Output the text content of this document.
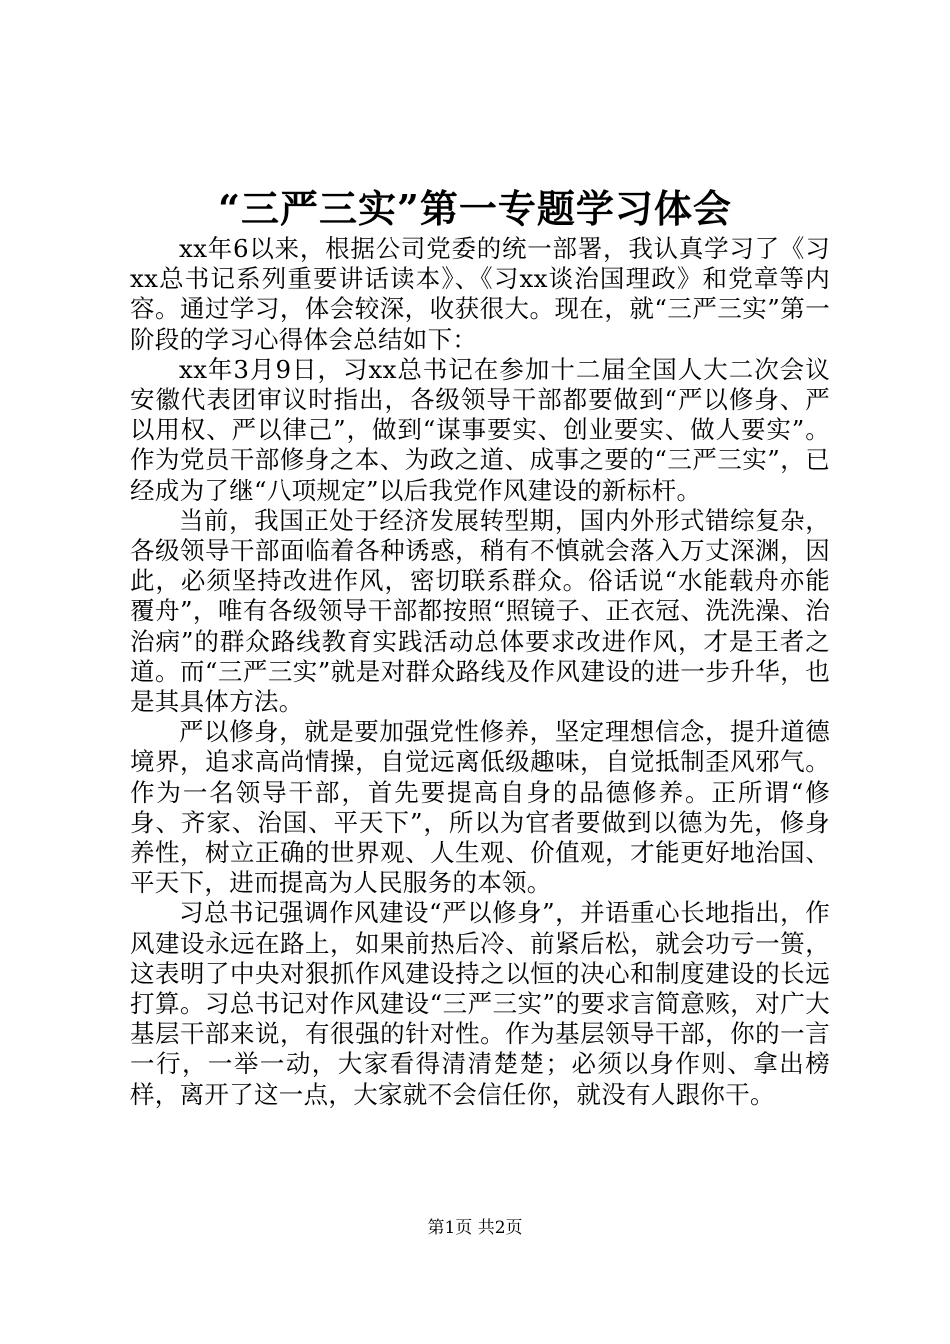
“三严三实”第一专题学习体会

xx年6以来，根据公司党委的统一部署，我认真学习了《习xx总书记系列重要讲话读本》、《习xx谈治国理政》和党章等内容。通过学习，体会较深，收获很大。现在，就“三严三实”第一阶段的学习心得体会总结如下：

xx年3月9日，习xx总书记在参加十二届全国人大二次会议安徽代表团审议时指出，各级领导干部都要做到“严以修身、严以用权、严以律己”，做到“谋事要实、创业要实、做人要实”。作为党员干部修身之本、为政之道、成事之要的“三严三实”，已经成为了继“八项规定”以后我党作风建设的新标杆。

当前，我国正处于经济发展转型期，国内外形式错综复杂，各级领导干部面临着各种诱惑，稍有不慎就会落入万丈深渊，因此，必须坚持改进作风，密切联系群众。俗话说“水能载舟亦能覆舟”，唯有各级领导干部都按照“照镜子、正衣冠、洗洗澡、治治病”的群众路线教育实践活动总体要求改进作风，才是王者之道。而“三严三实”就是对群众路线及作风建设的进一步升华，也是其具体方法。

严以修身，就是要加强党性修养，坚定理想信念，提升道德境界，追求高尚情操，自觉远离低级趣味，自觉抵制歪风邪气。作为一名领导干部，首先要提高自身的品德修养。正所谓“修身、齐家、治国、平天下”，所以为官者要做到以德为先，修身养性，树立正确的世界观、人生观、价值观，才能更好地治国、平天下，进而提高为人民服务的本领。

习总书记强调作风建设“严以修身”，并语重心长地指出，作风建设永远在路上，如果前热后冷、前紧后松，就会功亏一篑，这表明了中央对狠抓作风建设持之以恒的决心和制度建设的长远打算。习总书记对作风建设“三严三实”的要求言简意赅，对广大基层干部来说，有很强的针对性。作为基层领导干部，你的一言一行，一举一动，大家看得清清楚楚；必须以身作则、拿出榜样，离开了这一点，大家就不会信任你，就没有人跟你干。

第1页 共2页
